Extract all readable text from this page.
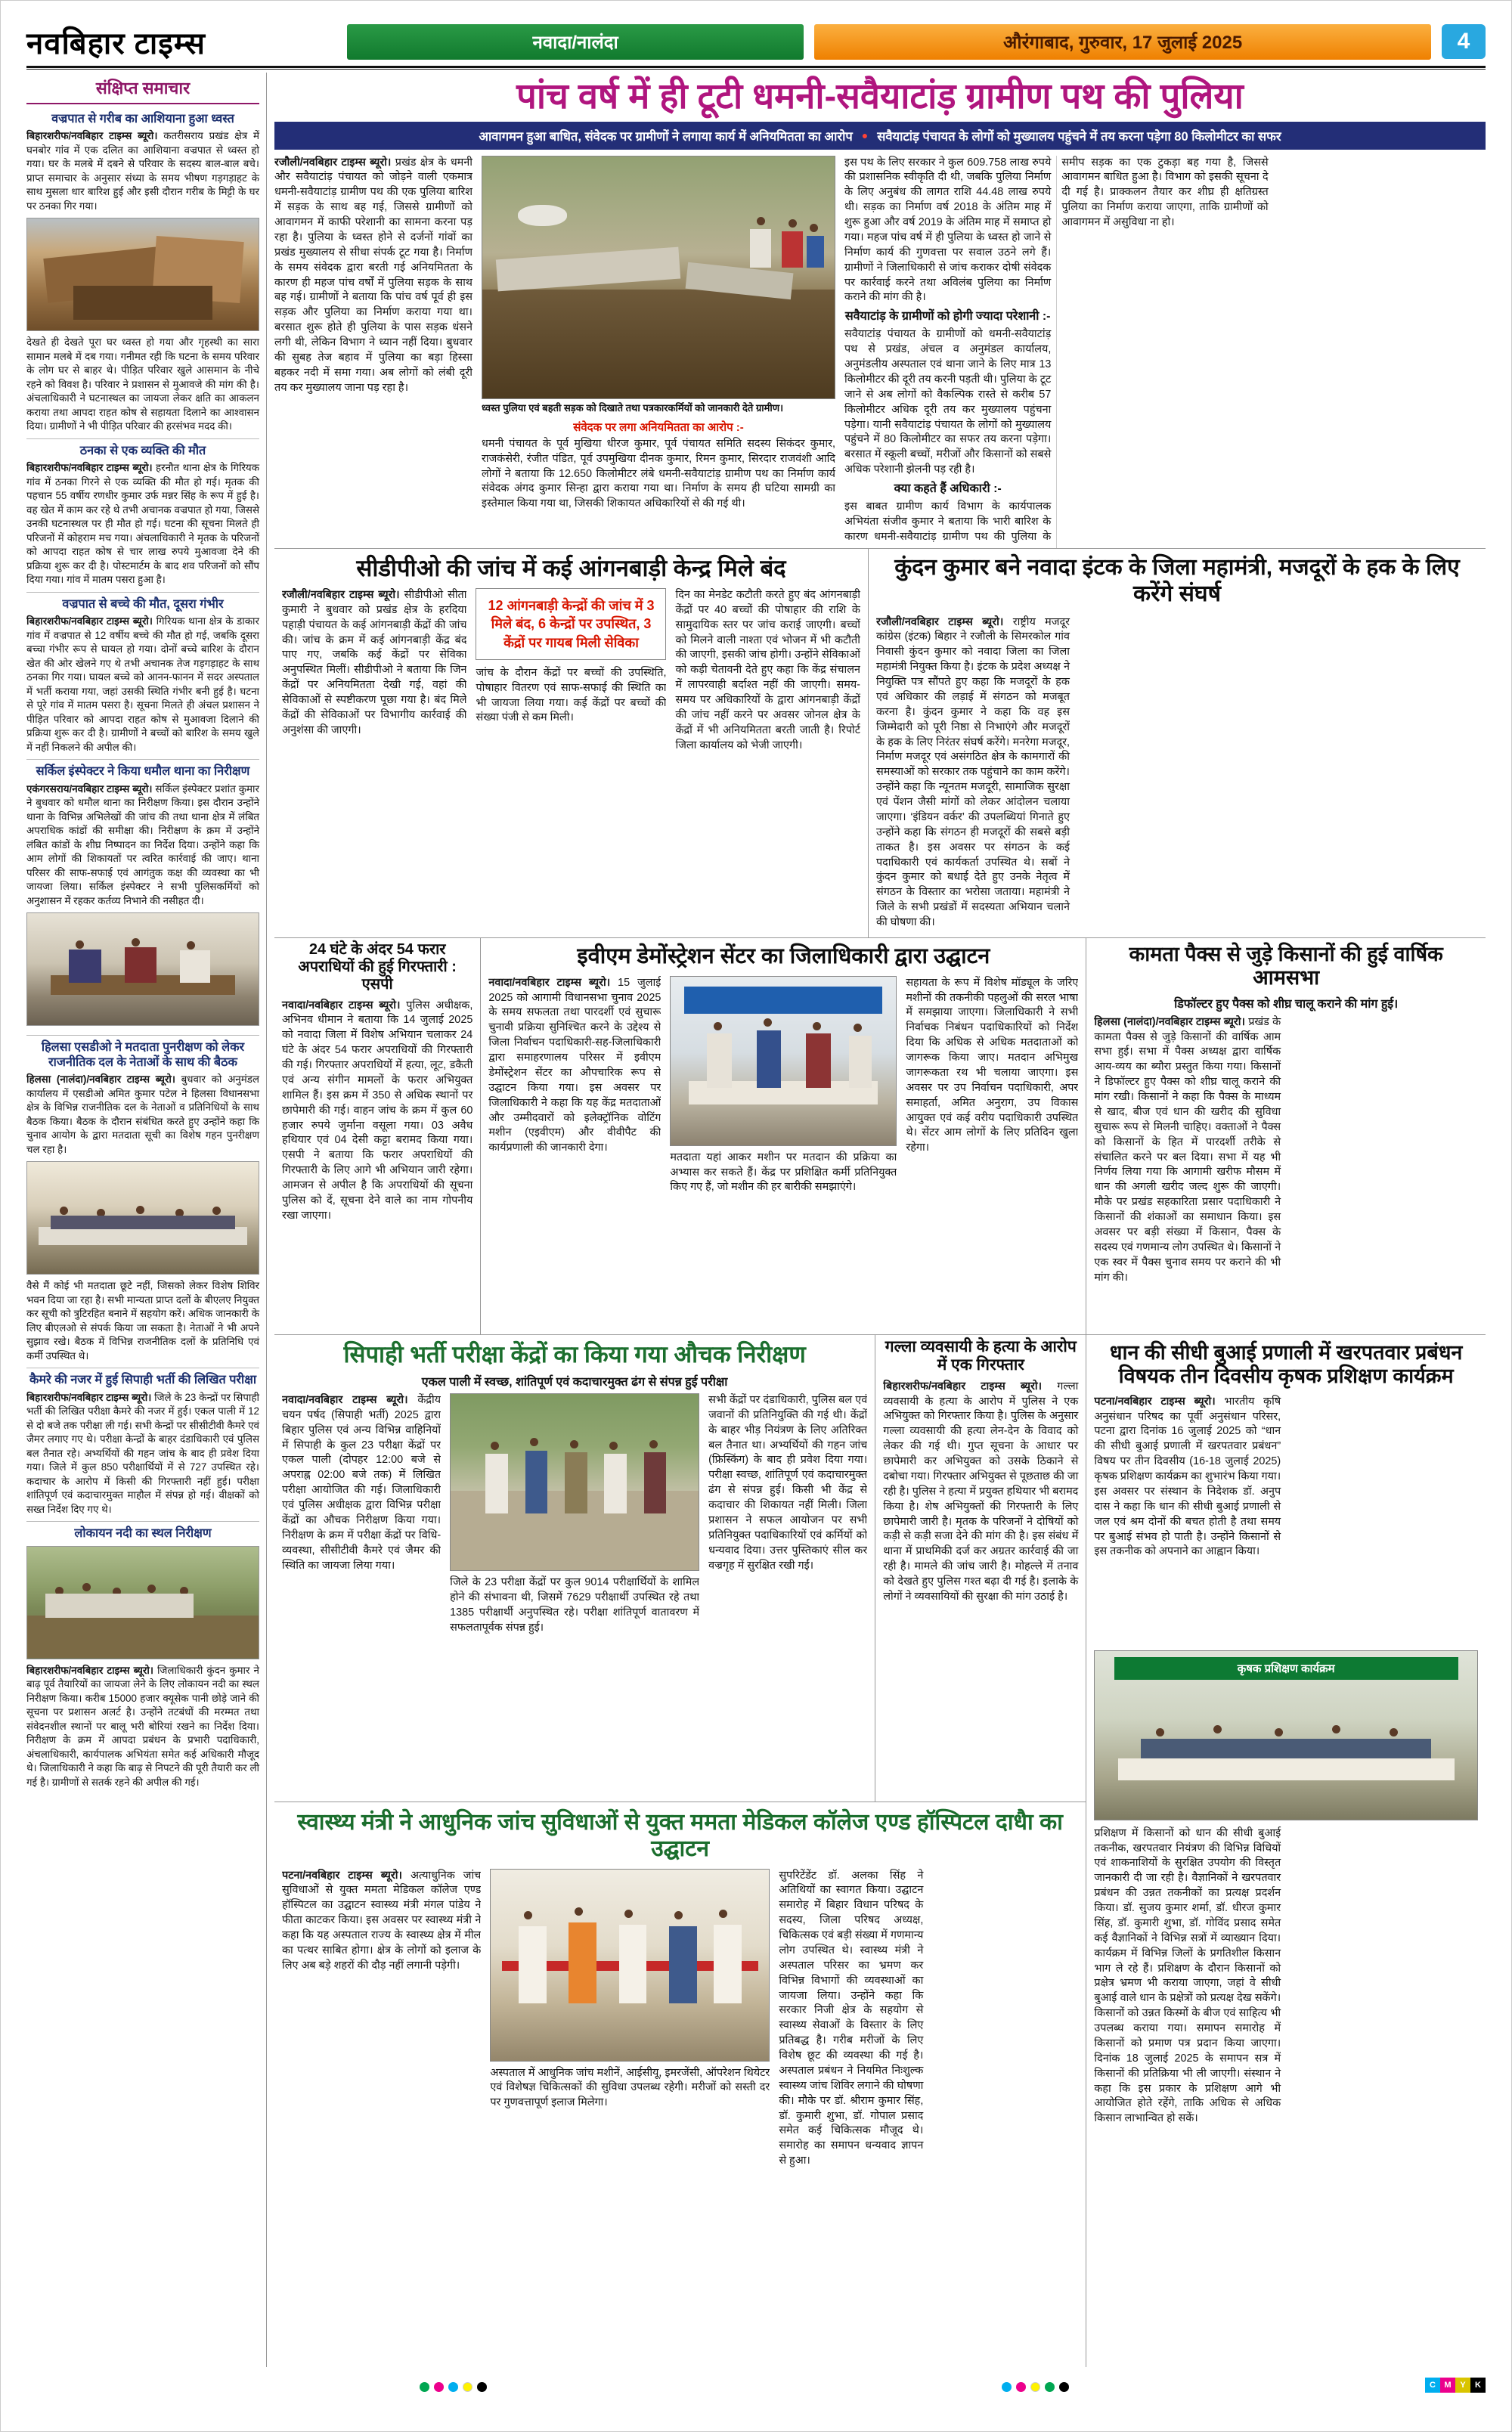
नवबिहार टाइम्स	नवादा/नालंदा	औरंगाबाद, गुरुवार, 17 जुलाई 2025	4
संक्षिप्त समाचार
वज्रपात से गरीब का आशियाना हुआ ध्वस्त

बिहारशरीफ/नवबिहार टाइम्स ब्यूरो। कतरीसराय प्रखंड क्षेत्र में घनबोर गांव में एक दलित का आशियाना वज्रपात से ध्वस्त हो गया। घर के मलबे में दबने से परिवार के सदस्य बाल-बाल बचे। प्राप्त समाचार के अनुसार संध्या के समय भीषण गड़गड़ाहट के साथ मुसला धार बारिश हुई और इसी दौरान गरीब के मिट्टी के घर पर ठनका गिर गया।

देखते ही देखते पूरा घर ध्वस्त हो गया और गृहस्थी का सारा सामान मलबे में दब गया। गनीमत रही कि घटना के समय परिवार के लोग घर से बाहर थे। पीड़ित परिवार खुले आसमान के नीचे रहने को विवश है। परिवार ने प्रशासन से मुआवजे की मांग की है। अंचलाधिकारी ने घटनास्थल का जायजा लेकर क्षति का आकलन कराया तथा आपदा राहत कोष से सहायता दिलाने का आश्वासन दिया। ग्रामीणों ने भी पीड़ित परिवार की हरसंभव मदद की।

ठनका से एक व्यक्ति की मौत

बिहारशरीफ/नवबिहार टाइम्स ब्यूरो। हरनौत थाना क्षेत्र के गिरियक गांव में ठनका गिरने से एक व्यक्ति की मौत हो गई। मृतक की पहचान 55 वर्षीय रणधीर कुमार उर्फ मन्नर सिंह के रूप में हुई है। वह खेत में काम कर रहे थे तभी अचानक वज्रपात हो गया, जिससे उनकी घटनास्थल पर ही मौत हो गई। घटना की सूचना मिलते ही परिजनों में कोहराम मच गया। अंचलाधिकारी ने मृतक के परिजनों को आपदा राहत कोष से चार लाख रुपये मुआवजा देने की प्रक्रिया शुरू कर दी है। पोस्टमार्टम के बाद शव परिजनों को सौंप दिया गया। गांव में मातम पसरा हुआ है।

वज्रपात से बच्चे की मौत, दूसरा गंभीर

बिहारशरीफ/नवबिहार टाइम्स ब्यूरो। गिरियक थाना क्षेत्र के डाकार गांव में वज्रपात से 12 वर्षीय बच्चे की मौत हो गई, जबकि दूसरा बच्चा गंभीर रूप से घायल हो गया। दोनों बच्चे बारिश के दौरान खेत की ओर खेलने गए थे तभी अचानक तेज गड़गड़ाहट के साथ ठनका गिर गया। घायल बच्चे को आनन-फानन में सदर अस्पताल में भर्ती कराया गया, जहां उसकी स्थिति गंभीर बनी हुई है। घटना से पूरे गांव में मातम पसरा है। सूचना मिलते ही अंचल प्रशासन ने पीड़ित परिवार को आपदा राहत कोष से मुआवजा दिलाने की प्रक्रिया शुरू कर दी है। ग्रामीणों ने बच्चों को बारिश के समय खुले में नहीं निकलने की अपील की।

सर्किल इंस्पेक्टर ने किया धमौल थाना का निरीक्षण

एकंगरसराय/नवबिहार टाइम्स ब्यूरो। सर्किल इंस्पेक्टर प्रशांत कुमार ने बुधवार को धमौल थाना का निरीक्षण किया। इस दौरान उन्होंने थाना के विभिन्न अभिलेखों की जांच की तथा थाना क्षेत्र में लंबित अपराधिक कांडों की समीक्षा की। निरीक्षण के क्रम में उन्होंने लंबित कांडों के शीघ्र निष्पादन का निर्देश दिया। उन्होंने कहा कि आम लोगों की शिकायतों पर त्वरित कार्रवाई की जाए। थाना परिसर की साफ-सफाई एवं आगंतुक कक्ष की व्यवस्था का भी जायजा लिया। सर्किल इंस्पेक्टर ने सभी पुलिसकर्मियों को अनुशासन में रहकर कर्तव्य निभाने की नसीहत दी।

हिलसा एसडीओ ने मतदाता पुनरीक्षण को लेकर राजनीतिक दल के नेताओं के साथ की बैठक

हिलसा (नालंदा)/नवबिहार टाइम्स ब्यूरो। बुधवार को अनुमंडल कार्यालय में एसडीओ अमित कुमार पटेल ने हिलसा विधानसभा क्षेत्र के विभिन्न राजनीतिक दल के नेताओं व प्रतिनिधियों के साथ बैठक किया। बैठक के दौरान संबंधित करते हुए उन्होंने कहा कि चुनाव आयोग के द्वारा मतदाता सूची का विशेष गहन पुनरीक्षण चल रहा है।

वैसे मैं कोई भी मतदाता छूटे नहीं, जिसको लेकर विशेष शिविर भवन दिया जा रहा है। सभी मान्यता प्राप्त दलों के बीएलए नियुक्त कर सूची को त्रुटिरहित बनाने में सहयोग करें। अधिक जानकारी के लिए बीएलओ से संपर्क किया जा सकता है। नेताओं ने भी अपने सुझाव रखे। बैठक में विभिन्न राजनीतिक दलों के प्रतिनिधि एवं कर्मी उपस्थित थे।

कैमरे की नजर में हुई सिपाही भर्ती की लिखित परीक्षा

बिहारशरीफ/नवबिहार टाइम्स ब्यूरो। जिले के 23 केन्द्रों पर सिपाही भर्ती की लिखित परीक्षा कैमरे की नजर में हुई। एकल पाली में 12 से दो बजे तक परीक्षा ली गई। सभी केन्द्रों पर सीसीटीवी कैमरे एवं जैमर लगाए गए थे। परीक्षा केन्द्रों के बाहर दंडाधिकारी एवं पुलिस बल तैनात रहे। अभ्यर्थियों की गहन जांच के बाद ही प्रवेश दिया गया। जिले में कुल 850 परीक्षार्थियों में से 727 उपस्थित रहे। कदाचार के आरोप में किसी की गिरफ्तारी नहीं हुई। परीक्षा शांतिपूर्ण एवं कदाचारमुक्त माहौल में संपन्न हो गई। वीक्षकों को सख्त निर्देश दिए गए थे।

लोकायन नदी का स्थल निरीक्षण

बिहारशरीफ/नवबिहार टाइम्स ब्यूरो। जिलाधिकारी कुंदन कुमार ने बाढ़ पूर्व तैयारियों का जायजा लेने के लिए लोकायन नदी का स्थल निरीक्षण किया। करीब 15000 हजार क्यूसेक पानी छोड़े जाने की सूचना पर प्रशासन अलर्ट है। उन्होंने तटबंधों की मरम्मत तथा संवेदनशील स्थानों पर बालू भरी बोरियां रखने का निर्देश दिया। निरीक्षण के क्रम में आपदा प्रबंधन के प्रभारी पदाधिकारी, अंचलाधिकारी, कार्यपालक अभियंता समेत कई अधिकारी मौजूद थे। जिलाधिकारी ने कहा कि बाढ़ से निपटने की पूरी तैयारी कर ली गई है। ग्रामीणों से सतर्क रहने की अपील की गई।

पांच वर्ष में ही टूटी धमनी-सवैयाटांड़ ग्रामीण पथ की पुलिया
आवागमन हुआ बाधित, संवेदक पर ग्रामीणों ने लगाया कार्य में अनियमितता का आरोप ● सवैयाटांड़ पंचायत के लोगों को मुख्यालय पहुंचने में तय करना पड़ेगा 80 किलोमीटर का सफर

रजौली/नवबिहार टाइम्स ब्यूरो। प्रखंड क्षेत्र के धमनी और सवैयाटांड़ पंचायत को जोड़ने वाली एकमात्र धमनी-सवैयाटांड़ ग्रामीण पथ की एक पुलिया बारिश में सड़क के साथ बह गई, जिससे ग्रामीणों को आवागमन में काफी परेशानी का सामना करना पड़ रहा है। पुलिया के ध्वस्त होने से दर्जनों गांवों का प्रखंड मुख्यालय से सीधा संपर्क टूट गया है। निर्माण के समय संवेदक द्वारा बरती गई अनियमितता के कारण ही महज पांच वर्षों में पुलिया सड़क के साथ बह गई। ग्रामीणों ने बताया कि पांच वर्ष पूर्व ही इस सड़क और पुलिया का निर्माण कराया गया था। बरसात शुरू होते ही पुलिया के पास सड़क धंसने लगी थी, लेकिन विभाग ने ध्यान नहीं दिया। बुधवार की सुबह तेज बहाव में पुलिया का बड़ा हिस्सा बहकर नदी में समा गया। अब लोगों को लंबी दूरी तय कर मुख्यालय जाना पड़ रहा है।

ध्वस्त पुलिया एवं बहती सड़क को दिखाते तथा पत्रकारकर्मियों को जानकारी देते ग्रामीण।
संवेदक पर लगा अनियमितता का आरोप :-

धमनी पंचायत के पूर्व मुखिया धीरज कुमार, पूर्व पंचायत समिति सदस्य सिकंदर कुमार, राजकंसेरी, रंजीत पंडित, पूर्व उपमुखिया दीनक कुमार, रिमन कुमार, सिरदार राजवंशी आदि लोगों ने बताया कि 12.650 किलोमीटर लंबे धमनी-सवैयाटांड़ ग्रामीण पथ का निर्माण कार्य संवेदक अंगद कुमार सिन्हा द्वारा कराया गया था। निर्माण के समय ही घटिया सामग्री का इस्तेमाल किया गया था, जिसकी शिकायत अधिकारियों से की गई थी।

इस पथ के लिए सरकार ने कुल 609.758 लाख रुपये की प्रशासनिक स्वीकृति दी थी, जबकि पुलिया निर्माण के लिए अनुबंध की लागत राशि 44.48 लाख रुपये थी। सड़क का निर्माण वर्ष 2018 के अंतिम माह में शुरू हुआ और वर्ष 2019 के अंतिम माह में समाप्त हो गया। महज पांच वर्ष में ही पुलिया के ध्वस्त हो जाने से निर्माण कार्य की गुणवत्ता पर सवाल उठने लगे हैं। ग्रामीणों ने जिलाधिकारी से जांच कराकर दोषी संवेदक पर कार्रवाई करने तथा अविलंब पुलिया का निर्माण कराने की मांग की है।

सवैयाटांड़ के ग्रामीणों को होगी ज्यादा परेशानी :-

सवैयाटांड़ पंचायत के ग्रामीणों को धमनी-सवैयाटांड़ पथ से प्रखंड, अंचल व अनुमंडल कार्यालय, अनुमंडलीय अस्पताल एवं थाना जाने के लिए मात्र 13 किलोमीटर की दूरी तय करनी पड़ती थी। पुलिया के टूट जाने से अब लोगों को वैकल्पिक रास्ते से करीब 57 किलोमीटर अधिक दूरी तय कर मुख्यालय पहुंचना पड़ेगा। यानी सवैयाटांड़ पंचायत के लोगों को मुख्यालय पहुंचने में 80 किलोमीटर का सफर तय करना पड़ेगा। बरसात में स्कूली बच्चों, मरीजों और किसानों को सबसे अधिक परेशानी झेलनी पड़ रही है।

क्या कहते हैं अधिकारी :-

इस बाबत ग्रामीण कार्य विभाग के कार्यपालक अभियंता संजीव कुमार ने बताया कि भारी बारिश के कारण धमनी-सवैयाटांड़ ग्रामीण पथ की पुलिया के समीप सड़क का एक टुकड़ा बह गया है, जिससे आवागमन बाधित हुआ है। विभाग को इसकी सूचना दे दी गई है। प्राक्कलन तैयार कर शीघ्र ही क्षतिग्रस्त पुलिया का निर्माण कराया जाएगा, ताकि ग्रामीणों को आवागमन में असुविधा ना हो।

सीडीपीओ की जांच में कई आंगनबाड़ी केन्द्र मिले बंद

रजौली/नवबिहार टाइम्स ब्यूरो। सीडीपीओ सीता कुमारी ने बुधवार को प्रखंड क्षेत्र के हरदिया पहाड़ी पंचायत के कई आंगनबाड़ी केंद्रों की जांच की। जांच के क्रम में कई आंगनबाड़ी केंद्र बंद पाए गए, जबकि कई केंद्रों पर सेविका अनुपस्थित मिलीं। सीडीपीओ ने बताया कि जिन केंद्रों पर अनियमितता देखी गई, वहां की सेविकाओं से स्पष्टीकरण पूछा गया है। बंद मिले केंद्रों की सेविकाओं पर विभागीय कार्रवाई की अनुशंसा की जाएगी।

12 आंगनबाड़ी केन्द्रों की जांच में 3 मिले बंद, 6 केन्द्रों पर उपस्थित, 3 केंद्रों पर गायब मिली सेविका

जांच के दौरान केंद्रों पर बच्चों की उपस्थिति, पोषाहार वितरण एवं साफ-सफाई की स्थिति का भी जायजा लिया गया। कई केंद्रों पर बच्चों की संख्या पंजी से कम मिली।

दिन का मेनडेट कटौती करते हुए बंद आंगनबाड़ी केंद्रों पर 40 बच्चों की पोषाहार की राशि के सामुदायिक स्तर पर जांच कराई जाएगी। बच्चों को मिलने वाली नाश्ता एवं भोजन में भी कटौती की जाएगी, इसकी जांच होगी। उन्होंने सेविकाओं को कड़ी चेतावनी देते हुए कहा कि केंद्र संचालन में लापरवाही बर्दाश्त नहीं की जाएगी। समय-समय पर अधिकारियों के द्वारा आंगनबाड़ी केंद्रों की जांच नहीं करने पर अवसर जोनल क्षेत्र के केंद्रों में भी अनियमितता बरती जाती है। रिपोर्ट जिला कार्यालय को भेजी जाएगी।

कुंदन कुमार बने नवादा इंटक के जिला महामंत्री, मजदूरों के हक के लिए करेंगे संघर्ष

रजौली/नवबिहार टाइम्स ब्यूरो। राष्ट्रीय मजदूर कांग्रेस (इंटक) बिहार ने रजौली के सिमरकोल गांव निवासी कुंदन कुमार को नवादा जिला का जिला महामंत्री नियुक्त किया है। इंटक के प्रदेश अध्यक्ष ने नियुक्ति पत्र सौंपते हुए कहा कि मजदूरों के हक एवं अधिकार की लड़ाई में संगठन को मजबूत करना है। कुंदन कुमार ने कहा कि वह इस जिम्मेदारी को पूरी निष्ठा से निभाएंगे और मजदूरों के हक के लिए निरंतर संघर्ष करेंगे। मनरेगा मजदूर, निर्माण मजदूर एवं असंगठित क्षेत्र के कामगारों की समस्याओं को सरकार तक पहुंचाने का काम करेंगे। उन्होंने कहा कि न्यूनतम मजदूरी, सामाजिक सुरक्षा एवं पेंशन जैसी मांगों को लेकर आंदोलन चलाया जाएगा। ‘इंडियन वर्कर’ की उपलब्धियां गिनाते हुए उन्होंने कहा कि संगठन ही मजदूरों की सबसे बड़ी ताकत है। इस अवसर पर संगठन के कई पदाधिकारी एवं कार्यकर्ता उपस्थित थे। सबों ने कुंदन कुमार को बधाई देते हुए उनके नेतृत्व में संगठन के विस्तार का भरोसा जताया। महामंत्री ने जिले के सभी प्रखंडों में सदस्यता अभियान चलाने की घोषणा की।

24 घंटे के अंदर 54 फरार अपराधियों की हुई गिरफ्तारी : एसपी

नवादा/नवबिहार टाइम्स ब्यूरो। पुलिस अधीक्षक, अभिनव धीमान ने बताया कि 14 जुलाई 2025 को नवादा जिला में विशेष अभियान चलाकर 24 घंटे के अंदर 54 फरार अपराधियों की गिरफ्तारी की गई। गिरफ्तार अपराधियों में हत्या, लूट, डकैती एवं अन्य संगीन मामलों के फरार अभियुक्त शामिल हैं। इस क्रम में 350 से अधिक स्थानों पर छापेमारी की गई। वाहन जांच के क्रम में कुल 60 हजार रुपये जुर्माना वसूला गया। 03 अवैध हथियार एवं 04 देसी कट्टा बरामद किया गया। एसपी ने बताया कि फरार अपराधियों की गिरफ्तारी के लिए आगे भी अभियान जारी रहेगा। आमजन से अपील है कि अपराधियों की सूचना पुलिस को दें, सूचना देने वाले का नाम गोपनीय रखा जाएगा।

इवीएम डेमोंस्ट्रेशन सेंटर का जिलाधिकारी द्वारा उद्घाटन

नवादा/नवबिहार टाइम्स ब्यूरो। 15 जुलाई 2025 को आगामी विधानसभा चुनाव 2025 के समय सफलता तथा पारदर्शी एवं सुचारू चुनावी प्रक्रिया सुनिश्चित करने के उद्देश्य से जिला निर्वाचन पदाधिकारी-सह-जिलाधिकारी द्वारा समाहरणालय परिसर में इवीएम डेमोंस्ट्रेशन सेंटर का औपचारिक रूप से उद्घाटन किया गया। इस अवसर पर जिलाधिकारी ने कहा कि यह केंद्र मतदाताओं और उम्मीदवारों को इलेक्ट्रॉनिक वोटिंग मशीन (एइवीएम) और वीवीपैट की कार्यप्रणाली की जानकारी देगा।

मतदाता यहां आकर मशीन पर मतदान की प्रक्रिया का अभ्यास कर सकते हैं। केंद्र पर प्रशिक्षित कर्मी प्रतिनियुक्त किए गए हैं, जो मशीन की हर बारीकी समझाएंगे।

सहायता के रूप में विशेष मॉड्यूल के जरिए मशीनों की तकनीकी पहलुओं की सरल भाषा में समझाया जाएगा। जिलाधिकारी ने सभी निर्वाचक निबंधन पदाधिकारियों को निर्देश दिया कि अधिक से अधिक मतदाताओं को जागरूक किया जाए। मतदान अभिमुख जागरूकता रथ भी चलाया जाएगा। इस अवसर पर उप निर्वाचन पदाधिकारी, अपर समाहर्ता, अमित अनुराग, उप विकास आयुक्त एवं कई वरीय पदाधिकारी उपस्थित थे। सेंटर आम लोगों के लिए प्रतिदिन खुला रहेगा।

कामता पैक्स से जुड़े किसानों की हुई वार्षिक आमसभा
डिफॉल्टर हुए पैक्स को शीघ्र चालू कराने की मांग हुई।

हिलसा (नालंदा)/नवबिहार टाइम्स ब्यूरो। प्रखंड के कामता पैक्स से जुड़े किसानों की वार्षिक आम सभा हुई। सभा में पैक्स अध्यक्ष द्वारा वार्षिक आय-व्यय का ब्यौरा प्रस्तुत किया गया। किसानों ने डिफॉल्टर हुए पैक्स को शीघ्र चालू कराने की मांग रखी। किसानों ने कहा कि पैक्स के माध्यम से खाद, बीज एवं धान की खरीद की सुविधा सुचारू रूप से मिलनी चाहिए। वक्ताओं ने पैक्स को किसानों के हित में पारदर्शी तरीके से संचालित करने पर बल दिया। सभा में यह भी निर्णय लिया गया कि आगामी खरीफ मौसम में धान की अगली खरीद जल्द शुरू की जाएगी। मौके पर प्रखंड सहकारिता प्रसार पदाधिकारी ने किसानों की शंकाओं का समाधान किया। इस अवसर पर बड़ी संख्या में किसान, पैक्स के सदस्य एवं गणमान्य लोग उपस्थित थे। किसानों ने एक स्वर में पैक्स चुनाव समय पर कराने की भी मांग की।

सिपाही भर्ती परीक्षा केंद्रों का किया गया औचक निरीक्षण
एकल पाली में स्वच्छ, शांतिपूर्ण एवं कदाचारमुक्त ढंग से संपन्न हुई परीक्षा

नवादा/नवबिहार टाइम्स ब्यूरो। केंद्रीय चयन पर्षद (सिपाही भर्ती) 2025 द्वारा बिहार पुलिस एवं अन्य विभिन्न वाहिनियों में सिपाही के कुल 23 परीक्षा केंद्रों पर एकल पाली (दोपहर 12:00 बजे से अपराह्न 02:00 बजे तक) में लिखित परीक्षा आयोजित की गई। जिलाधिकारी एवं पुलिस अधीक्षक द्वारा विभिन्न परीक्षा केंद्रों का औचक निरीक्षण किया गया। निरीक्षण के क्रम में परीक्षा केंद्रों पर विधि-व्यवस्था, सीसीटीवी कैमरे एवं जैमर की स्थिति का जायजा लिया गया।

जिले के 23 परीक्षा केंद्रों पर कुल 9014 परीक्षार्थियों के शामिल होने की संभावना थी, जिसमें 7629 परीक्षार्थी उपस्थित रहे तथा 1385 परीक्षार्थी अनुपस्थित रहे। परीक्षा शांतिपूर्ण वातावरण में सफलतापूर्वक संपन्न हुई।

सभी केंद्रों पर दंडाधिकारी, पुलिस बल एवं जवानों की प्रतिनियुक्ति की गई थी। केंद्रों के बाहर भीड़ नियंत्रण के लिए अतिरिक्त बल तैनात था। अभ्यर्थियों की गहन जांच (फ्रिस्किंग) के बाद ही प्रवेश दिया गया। परीक्षा स्वच्छ, शांतिपूर्ण एवं कदाचारमुक्त ढंग से संपन्न हुई। किसी भी केंद्र से कदाचार की शिकायत नहीं मिली। जिला प्रशासन ने सफल आयोजन पर सभी प्रतिनियुक्त पदाधिकारियों एवं कर्मियों को धन्यवाद दिया। उत्तर पुस्तिकाएं सील कर वज्रगृह में सुरक्षित रखी गईं।

गल्ला व्यवसायी के हत्या के आरोप में एक गिरफ्तार

बिहारशरीफ/नवबिहार टाइम्स ब्यूरो। गल्ला व्यवसायी के हत्या के आरोप में पुलिस ने एक अभियुक्त को गिरफ्तार किया है। पुलिस के अनुसार गल्ला व्यवसायी की हत्या लेन-देन के विवाद को लेकर की गई थी। गुप्त सूचना के आधार पर छापेमारी कर अभियुक्त को उसके ठिकाने से दबोचा गया। गिरफ्तार अभियुक्त से पूछताछ की जा रही है। पुलिस ने हत्या में प्रयुक्त हथियार भी बरामद किया है। शेष अभियुक्तों की गिरफ्तारी के लिए छापेमारी जारी है। मृतक के परिजनों ने दोषियों को कड़ी से कड़ी सजा देने की मांग की है। इस संबंध में थाना में प्राथमिकी दर्ज कर अग्रतर कार्रवाई की जा रही है। मामले की जांच जारी है। मोहल्ले में तनाव को देखते हुए पुलिस गश्त बढ़ा दी गई है। इलाके के लोगों ने व्यवसायियों की सुरक्षा की मांग उठाई है।

स्वास्थ्य मंत्री ने आधुनिक जांच सुविधाओं से युक्त ममता मेडिकल कॉलेज एण्ड हॉस्पिटल दाधैा का उद्घाटन

पटना/नवबिहार टाइम्स ब्यूरो। अत्याधुनिक जांच सुविधाओं से युक्त ममता मेडिकल कॉलेज एण्ड हॉस्पिटल का उद्घाटन स्वास्थ्य मंत्री मंगल पांडेय ने फीता काटकर किया। इस अवसर पर स्वास्थ्य मंत्री ने कहा कि यह अस्पताल राज्य के स्वास्थ्य क्षेत्र में मील का पत्थर साबित होगा। क्षेत्र के लोगों को इलाज के लिए अब बड़े शहरों की दौड़ नहीं लगानी पड़ेगी।

अस्पताल में आधुनिक जांच मशीनें, आईसीयू, इमरजेंसी, ऑपरेशन थियेटर एवं विशेषज्ञ चिकित्सकों की सुविधा उपलब्ध रहेगी। मरीजों को सस्ती दर पर गुणवत्तापूर्ण इलाज मिलेगा।

सुपरिटेंडेंट डॉ. अलका सिंह ने अतिथियों का स्वागत किया। उद्घाटन समारोह में बिहार विधान परिषद के सदस्य, जिला परिषद अध्यक्ष, चिकित्सक एवं बड़ी संख्या में गणमान्य लोग उपस्थित थे। स्वास्थ्य मंत्री ने अस्पताल परिसर का भ्रमण कर विभिन्न विभागों की व्यवस्थाओं का जायजा लिया। उन्होंने कहा कि सरकार निजी क्षेत्र के सहयोग से स्वास्थ्य सेवाओं के विस्तार के लिए प्रतिबद्ध है। गरीब मरीजों के लिए विशेष छूट की व्यवस्था की गई है। अस्पताल प्रबंधन ने नियमित निःशुल्क स्वास्थ्य जांच शिविर लगाने की घोषणा की। मौके पर डॉ. श्रीराम कुमार सिंह, डॉ. कुमारी शुभा, डॉ. गोपाल प्रसाद समेत कई चिकित्सक मौजूद थे। समारोह का समापन धन्यवाद ज्ञापन से हुआ।

धान की सीधी बुआई प्रणाली में खरपतवार प्रबंधन विषयक तीन दिवसीय कृषक प्रशिक्षण कार्यक्रम

पटना/नवबिहार टाइम्स ब्यूरो। भारतीय कृषि अनुसंधान परिषद का पूर्वी अनुसंधान परिसर, पटना द्वारा दिनांक 16 जुलाई 2025 को “धान की सीधी बुआई प्रणाली में खरपतवार प्रबंधन” विषय पर तीन दिवसीय (16-18 जुलाई 2025) कृषक प्रशिक्षण कार्यक्रम का शुभारंभ किया गया। इस अवसर पर संस्थान के निदेशक डॉ. अनुप दास ने कहा कि धान की सीधी बुआई प्रणाली से जल एवं श्रम दोनों की बचत होती है तथा समय पर बुआई संभव हो पाती है। उन्होंने किसानों से इस तकनीक को अपनाने का आह्वान किया।

कृषक प्रशिक्षण कार्यक्रम

प्रशिक्षण में किसानों को धान की सीधी बुआई तकनीक, खरपतवार नियंत्रण की विभिन्न विधियों एवं शाकनाशियों के सुरक्षित उपयोग की विस्तृत जानकारी दी जा रही है। वैज्ञानिकों ने खरपतवार प्रबंधन की उन्नत तकनीकों का प्रत्यक्ष प्रदर्शन किया। डॉ. सुजय कुमार शर्मा, डॉ. धीरज कुमार सिंह, डॉ. कुमारी शुभा, डॉ. गोविंद प्रसाद समेत कई वैज्ञानिकों ने विभिन्न सत्रों में व्याख्यान दिया। कार्यक्रम में विभिन्न जिलों के प्रगतिशील किसान भाग ले रहे हैं। प्रशिक्षण के दौरान किसानों को प्रक्षेत्र भ्रमण भी कराया जाएगा, जहां वे सीधी बुआई वाले धान के प्रक्षेत्रों को प्रत्यक्ष देख सकेंगे। किसानों को उन्नत किस्मों के बीज एवं साहित्य भी उपलब्ध कराया गया। समापन समारोह में किसानों को प्रमाण पत्र प्रदान किया जाएगा। दिनांक 18 जुलाई 2025 के समापन सत्र में किसानों की प्रतिक्रिया भी ली जाएगी। संस्थान ने कहा कि इस प्रकार के प्रशिक्षण आगे भी आयोजित होते रहेंगे, ताकि अधिक से अधिक किसान लाभान्वित हो सकें।

C	M	Y	K
